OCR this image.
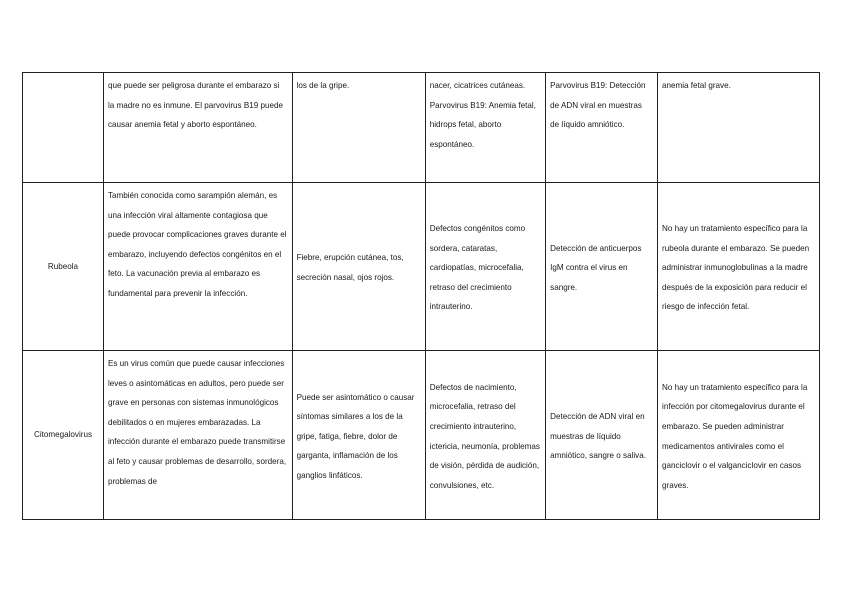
	que puede ser peligrosa durante el embarazo si la madre no es inmune. El parvovirus B19 puede causar anemia fetal y aborto espontáneo.	los de la gripe.	nacer, cicatrices cutáneas. Parvovirus B19: Anemia fetal, hidrops fetal, aborto espontáneo.	Parvovirus B19: Detección de ADN viral en muestras de líquido amniótico.	anemia fetal grave.

Rubeola	También conocida como sarampión alemán, es una infección viral altamente contagiosa que puede provocar complicaciones graves durante el embarazo, incluyendo defectos congénitos en el feto. La vacunación previa al embarazo es fundamental para prevenir la infección.	Fiebre, erupción cutánea, tos, secreción nasal, ojos rojos.	Defectos congénitos como sordera, cataratas, cardiopatías, microcefalia, retraso del crecimiento intrauterino.	Detección de anticuerpos IgM contra el virus en sangre.	No hay un tratamiento específico para la rubeola durante el embarazo. Se pueden administrar inmunoglobulinas a la madre después de la exposición para reducir el riesgo de infección fetal.

Citomegalovirus	Es un virus común que puede causar infecciones leves o asintomáticas en adultos, pero puede ser grave en personas con sistemas inmunológicos debilitados o en mujeres embarazadas. La infección durante el embarazo puede transmitirse al feto y causar problemas de desarrollo, sordera, problemas de	Puede ser asintomático o causar síntomas similares a los de la gripe, fatiga, fiebre, dolor de garganta, inflamación de los ganglios linfáticos.	Defectos de nacimiento, microcefalia, retraso del crecimiento intrauterino, ictericia, neumonía, problemas de visión, pérdida de audición, convulsiones, etc.	Detección de ADN viral en muestras de líquido amniótico, sangre o saliva.	No hay un tratamiento específico para la infección por citomegalovirus durante el embarazo. Se pueden administrar medicamentos antivirales como el ganciclovir o el valganciclovir en casos graves.
